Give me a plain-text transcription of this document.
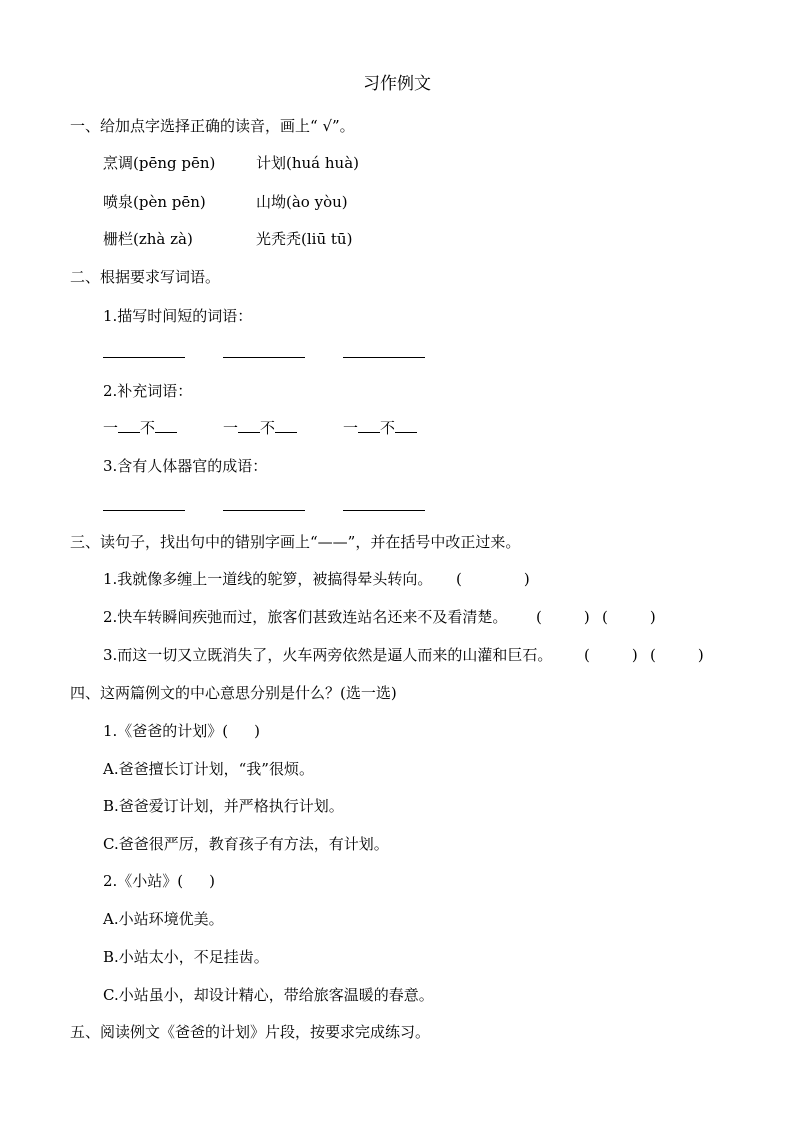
习作例文
一、给加点字选择正确的读音，画上“ √”。
烹调(pēng pēn)	计划(huá huà)
喷泉(pèn pēn)	山坳(ào yòu)
栅栏(zhà zà)	光秃秃(liū tū)
二、根据要求写词语。
1.描写时间短的词语：
2.补充词语：
一 不	一 不	一 不
3.含有人体器官的成语：
三、读句子，找出句中的错别字画上“——”，并在括号中改正过来。
1.我就像多缠上一道线的鸵箩，被搞得晕头转向。 (	)
2.快车转瞬间疾弛而过，旅客们甚致连站名还来不及看清楚。 (	) (	)
3.而这一切又立既消失了，火车两旁依然是逼人而来的山灌和巨石。 (	) (	)
四、这两篇例文的中心意思分别是什么？(选一选)
1.《爸爸的计划》( )
A.爸爸擅长订计划，“我”很烦。
B.爸爸爱订计划，并严格执行计划。
C.爸爸很严厉，教育孩子有方法，有计划。
2.《小站》( )
A.小站环境优美。
B.小站太小，不足挂齿。
C.小站虽小，却设计精心，带给旅客温暖的春意。
五、阅读例文《爸爸的计划》片段，按要求完成练习。
